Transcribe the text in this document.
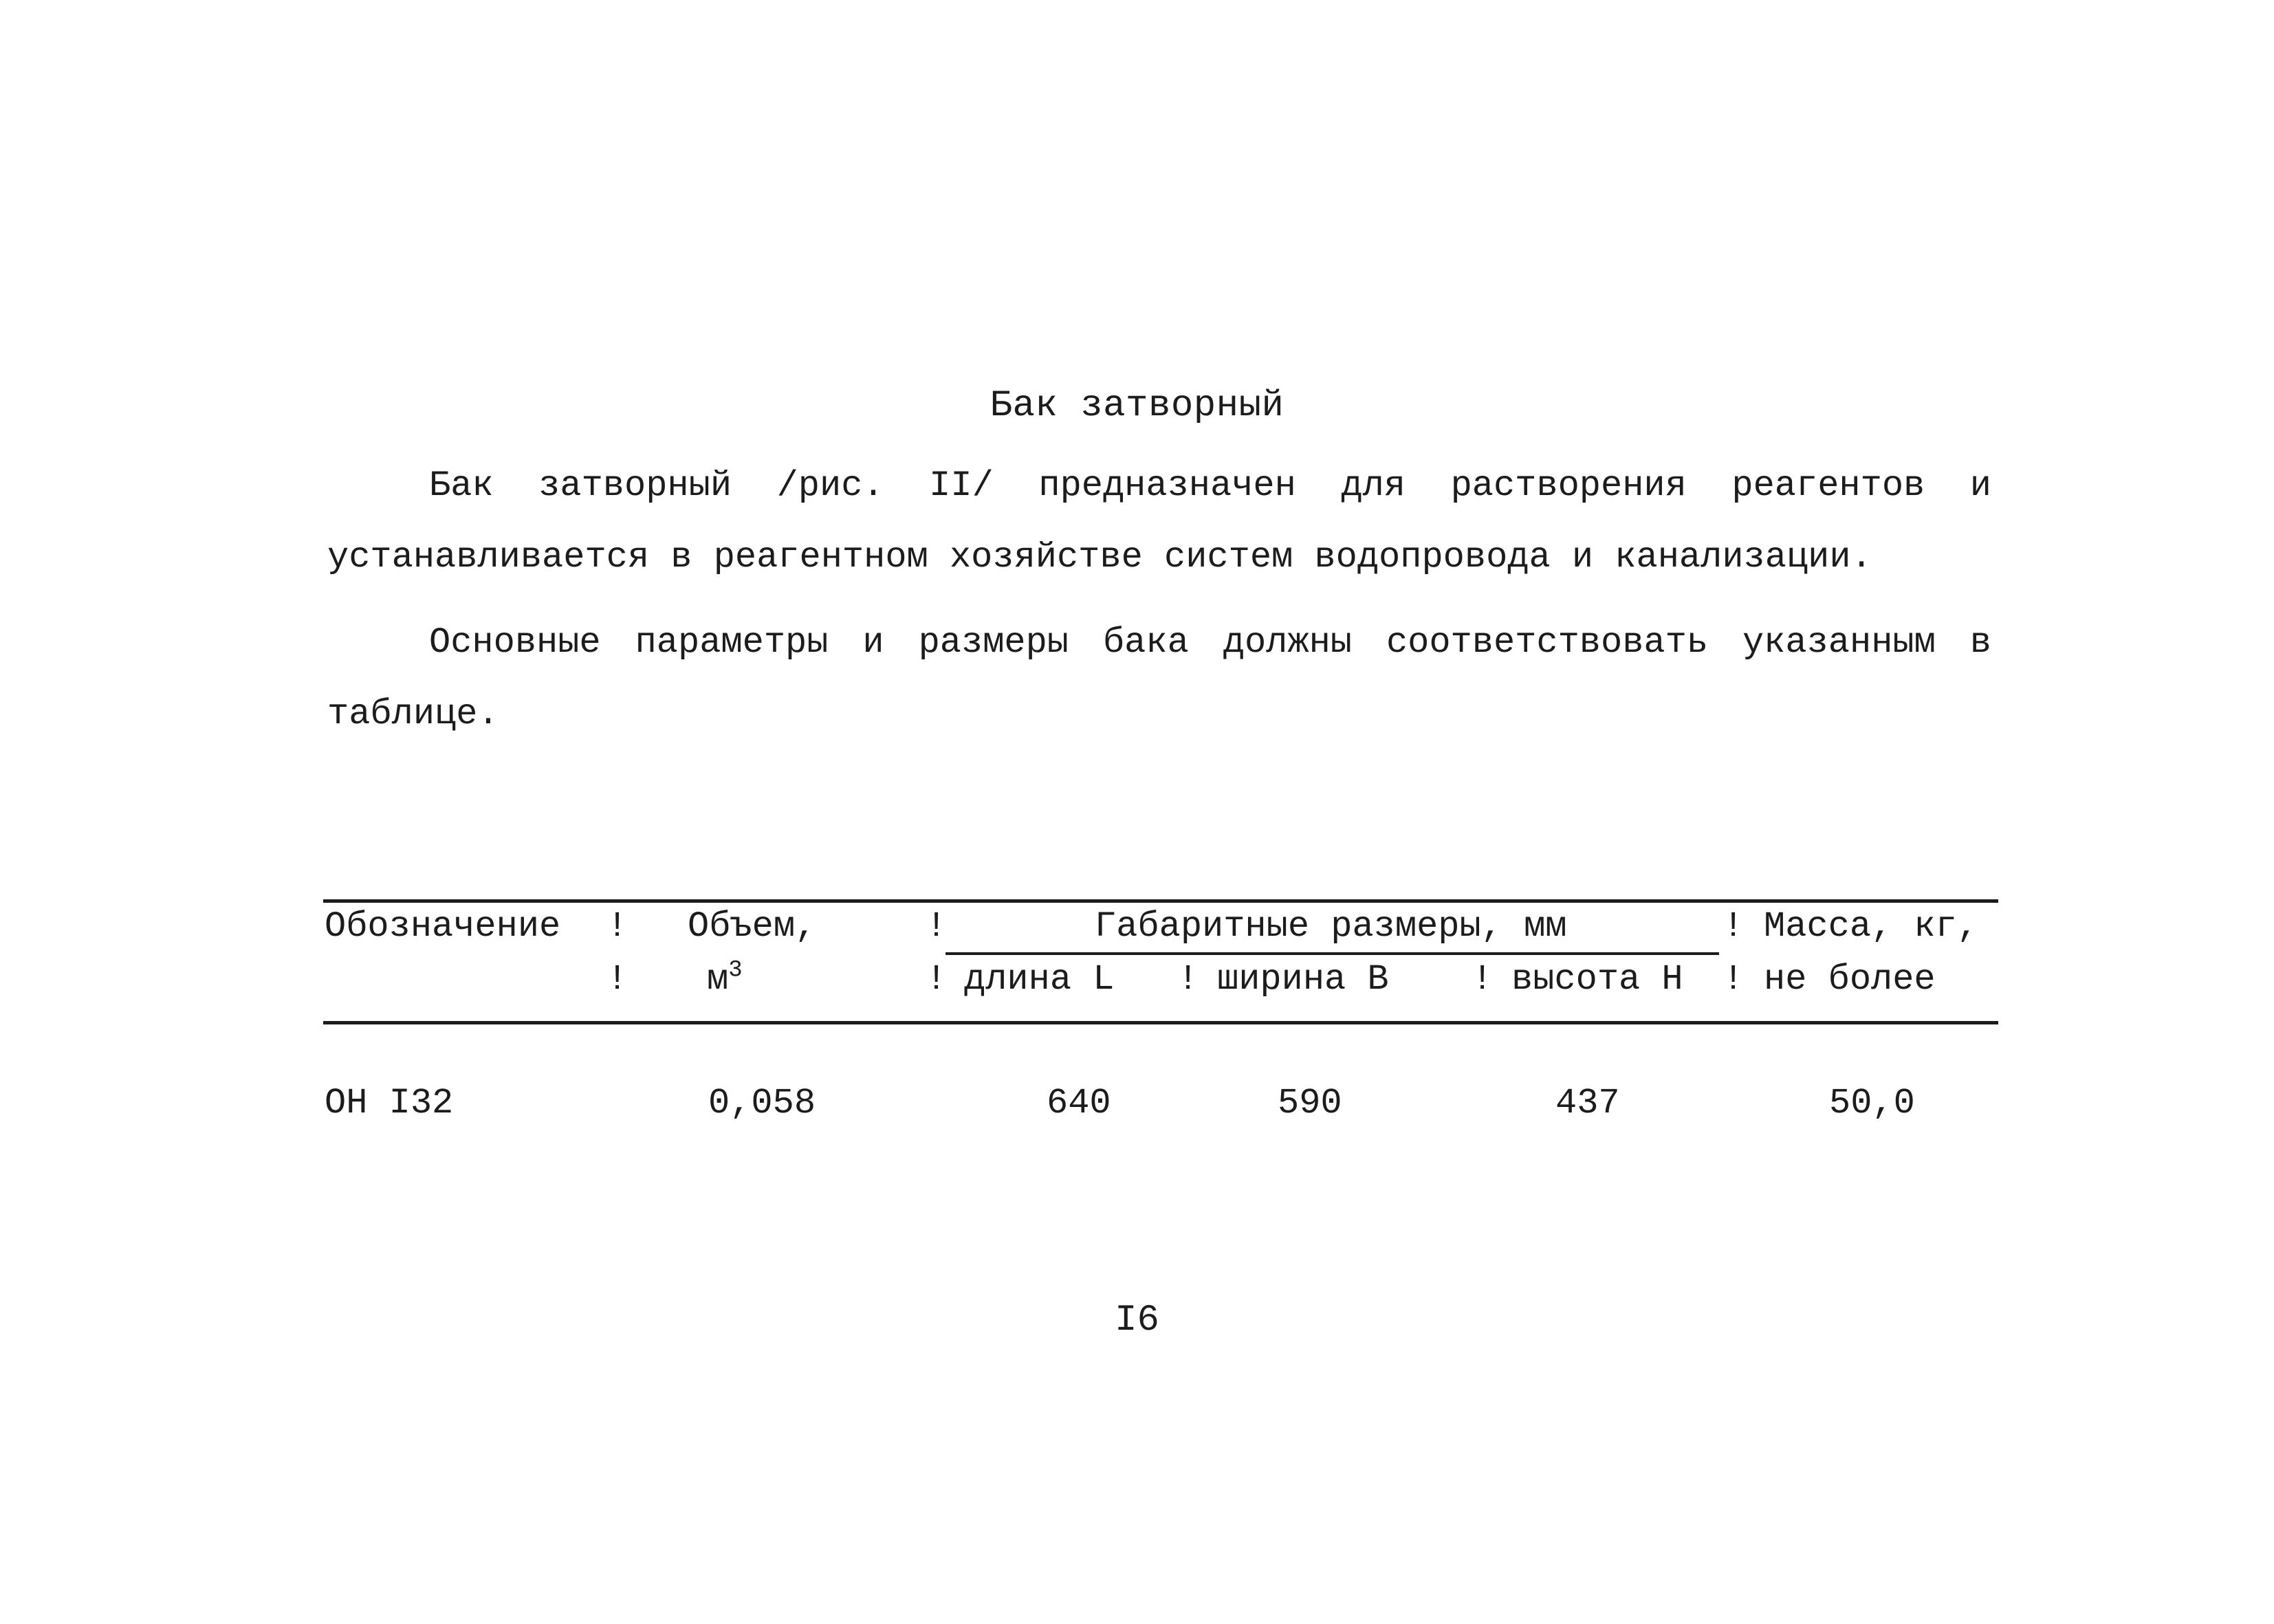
Бак затворный

Бак затворный /рис. II/ предназначен для растворения реагентов и устанавливается в реагентном хозяйстве систем водопровода и канализации.

Основные параметры и размеры бака должны соответствовать указанным в таблице.

Обозначение ! Объем,	!	Габаритные размеры, мм	! Масса, кг,
! $м^3$	! длина L ! ширина В ! высота Н ! не более
ОН I32	0,058	640	590	437	50,0
I6
